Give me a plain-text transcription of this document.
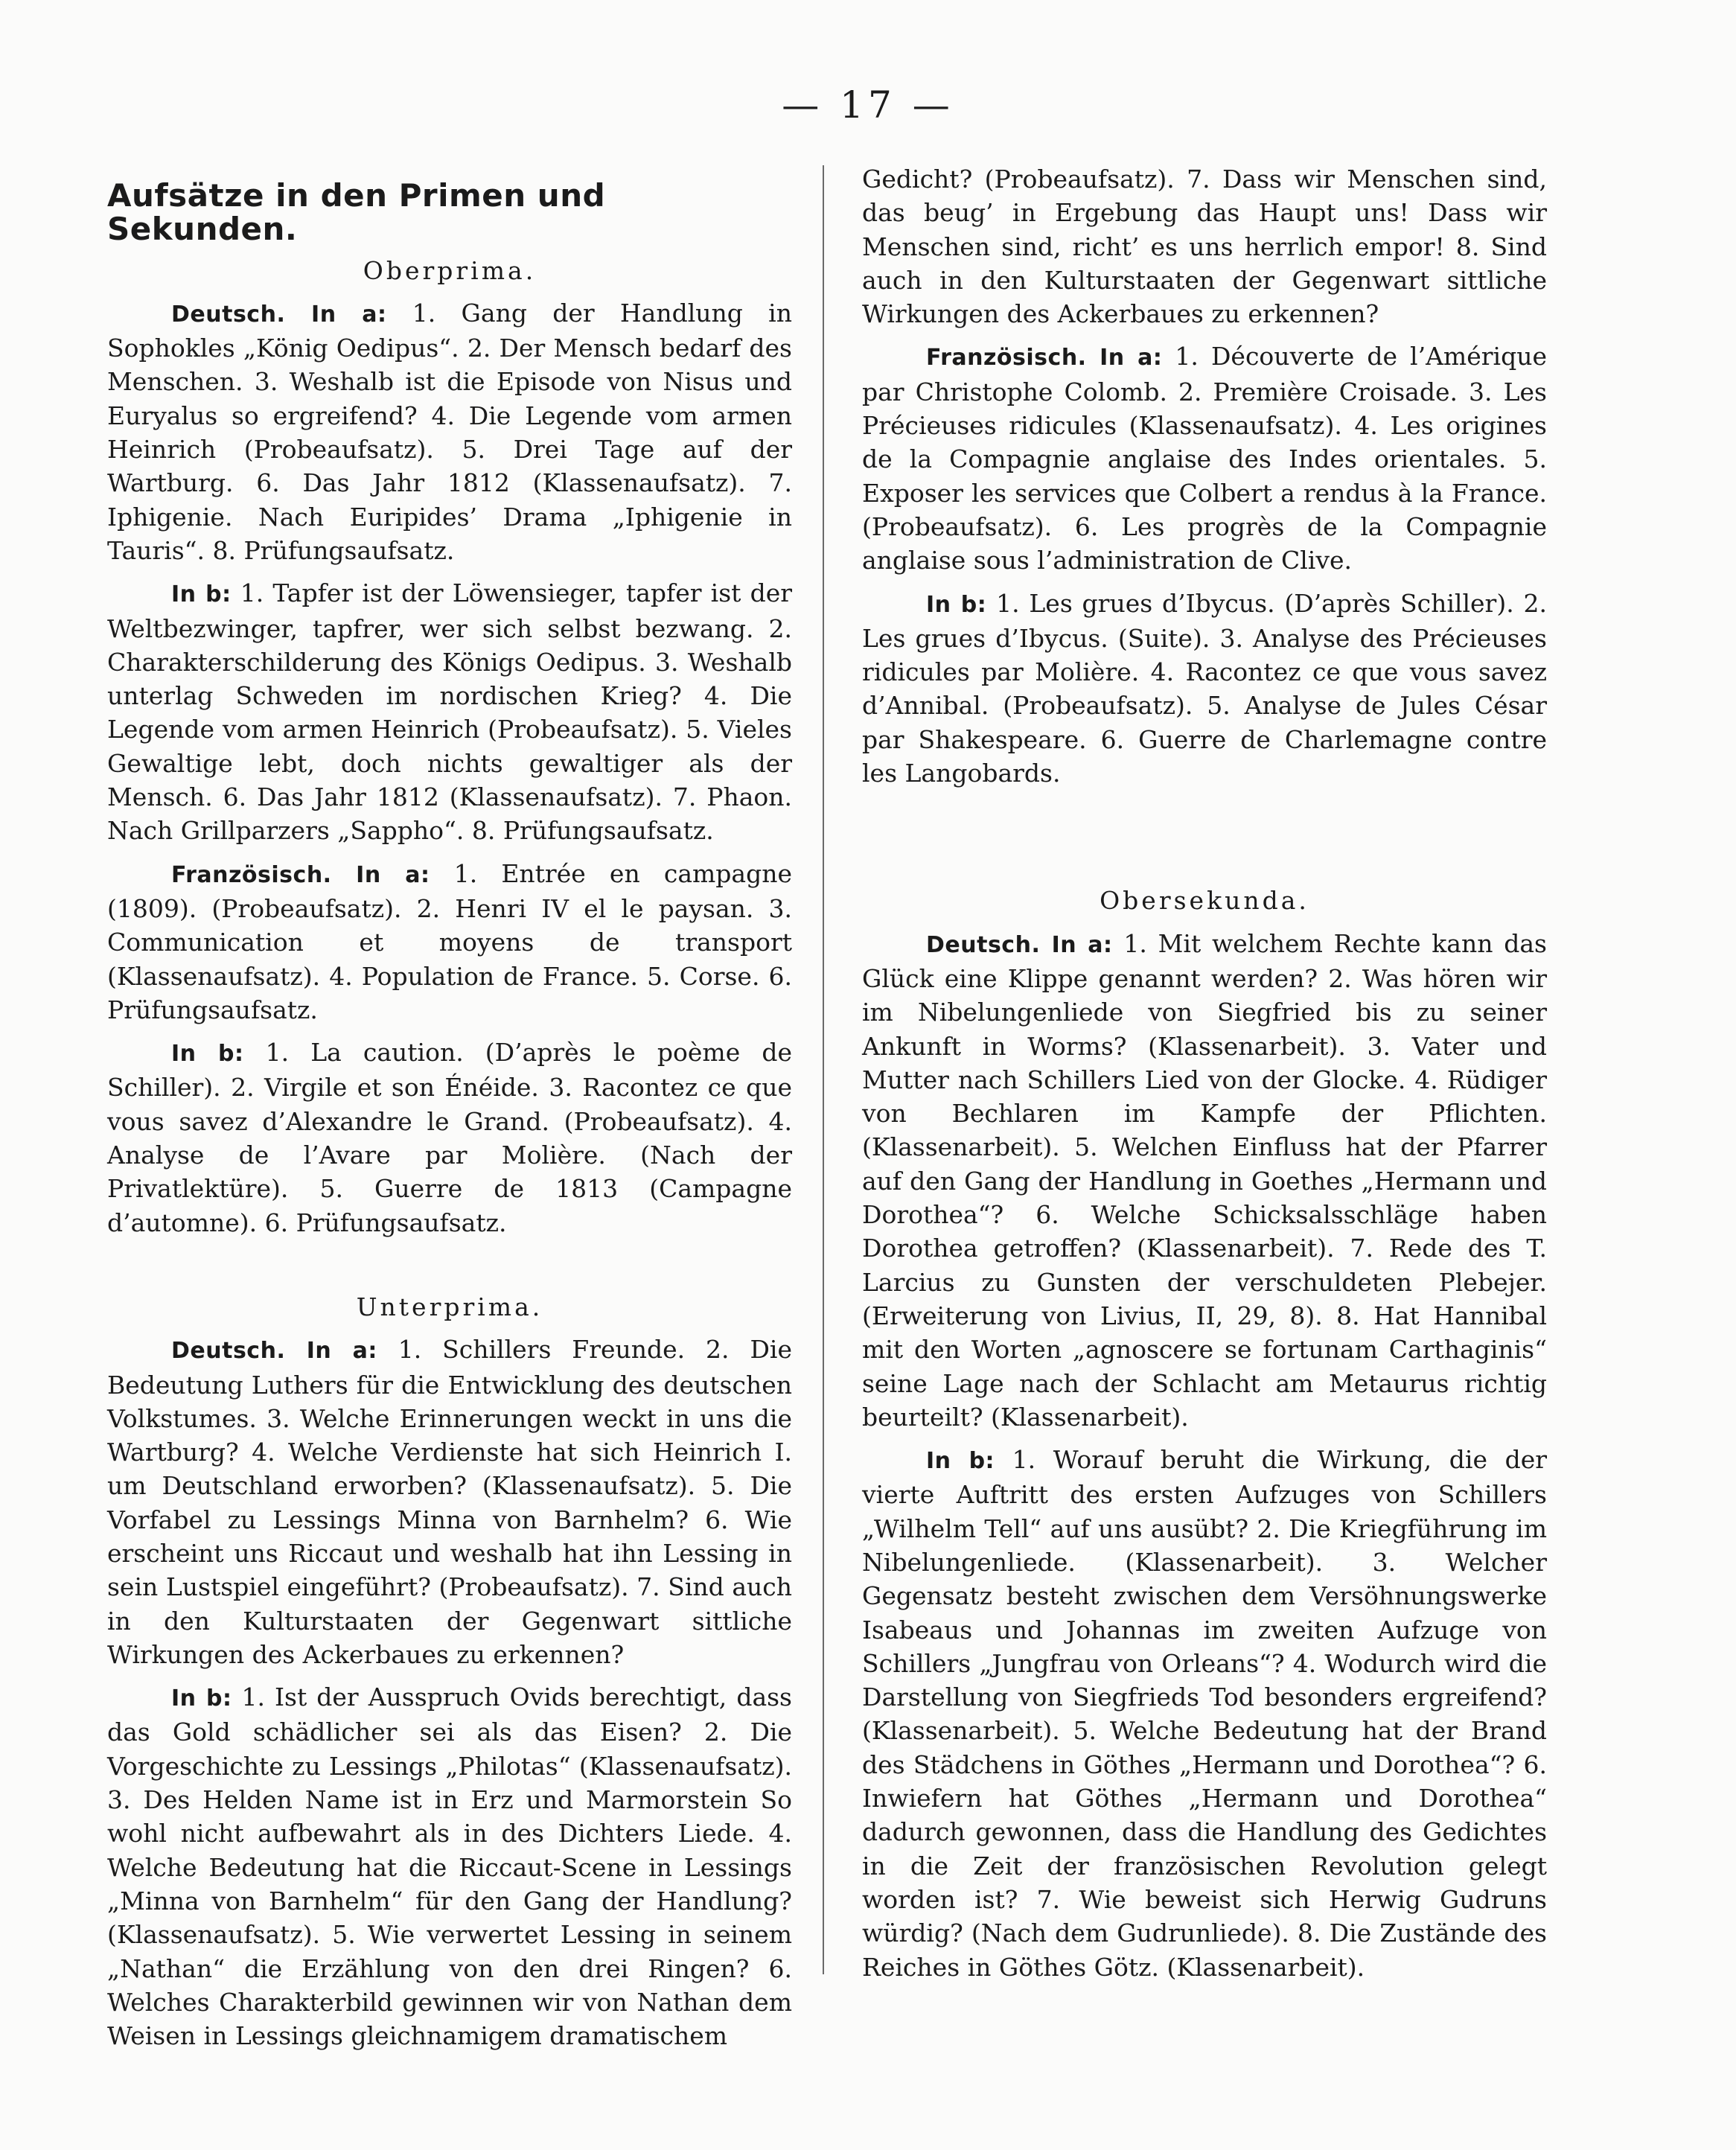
— 17 —
Aufsätze in den Primen und Sekunden.
Oberprima.

Deutsch. In a: 1. Gang der Handlung in Sophokles „König Oedipus“. 2. Der Mensch bedarf des Menschen. 3. Weshalb ist die Episode von Nisus und Euryalus so ergreifend? 4. Die Legende vom armen Heinrich (Probeaufsatz). 5. Drei Tage auf der Wartburg. 6. Das Jahr 1812 (Klassenaufsatz). 7. Iphigenie. Nach Euripides’ Drama „Iphigenie in Tauris“. 8. Prüfungsaufsatz.

In b: 1. Tapfer ist der Löwensieger, tapfer ist der Weltbezwinger, tapfrer, wer sich selbst bezwang. 2. Charakterschilderung des Königs Oedipus. 3. Weshalb unterlag Schweden im nordischen Krieg? 4. Die Legende vom armen Heinrich (Probeaufsatz). 5. Vieles Gewaltige lebt, doch nichts gewaltiger als der Mensch. 6. Das Jahr 1812 (Klassenaufsatz). 7. Phaon. Nach Grillparzers „Sappho“. 8. Prüfungsaufsatz.

Französisch. In a: 1. Entrée en campagne (1809). (Probeaufsatz). 2. Henri IV el le paysan. 3. Communication et moyens de transport (Klassenaufsatz). 4. Population de France. 5. Corse. 6. Prüfungsaufsatz.

In b: 1. La caution. (D’après le poème de Schiller). 2. Virgile et son Énéide. 3. Racontez ce que vous savez d’Alexandre le Grand. (Probeaufsatz). 4. Analyse de l’Avare par Molière. (Nach der Privatlektüre). 5. Guerre de 1813 (Campagne d’automne). 6. Prüfungsaufsatz.

Unterprima.

Deutsch. In a: 1. Schillers Freunde. 2. Die Bedeutung Luthers für die Entwicklung des deutschen Volkstumes. 3. Welche Erinnerungen weckt in uns die Wartburg? 4. Welche Verdienste hat sich Heinrich I. um Deutschland erworben? (Klassenaufsatz). 5. Die Vorfabel zu Lessings Minna von Barnhelm? 6. Wie erscheint uns Riccaut und weshalb hat ihn Lessing in sein Lustspiel eingeführt? (Probeaufsatz). 7. Sind auch in den Kulturstaaten der Gegenwart sittliche Wirkungen des Ackerbaues zu erkennen?

In b: 1. Ist der Ausspruch Ovids berechtigt, dass das Gold schädlicher sei als das Eisen? 2. Die Vorgeschichte zu Lessings „Philotas“ (Klassenaufsatz). 3. Des Helden Name ist in Erz und Marmorstein So wohl nicht aufbewahrt als in des Dichters Liede. 4. Welche Bedeutung hat die Riccaut-Scene in Lessings „Minna von Barnhelm“ für den Gang der Handlung? (Klassenaufsatz). 5. Wie verwertet Lessing in seinem „Nathan“ die Erzählung von den drei Ringen? 6. Welches Charakterbild gewinnen wir von Nathan dem Weisen in Lessings gleichnamigem dramatischem

Gedicht? (Probeaufsatz). 7. Dass wir Menschen sind, das beug’ in Ergebung das Haupt uns! Dass wir Menschen sind, richt’ es uns herrlich empor! 8. Sind auch in den Kulturstaaten der Gegenwart sittliche Wirkungen des Ackerbaues zu erkennen?

Französisch. In a: 1. Découverte de l’Amérique par Christophe Colomb. 2. Première Croisade. 3. Les Précieuses ridicules (Klassenaufsatz). 4. Les origines de la Compagnie anglaise des Indes orientales. 5. Exposer les services que Colbert a rendus à la France. (Probeaufsatz). 6. Les progrès de la Compagnie anglaise sous l’administration de Clive.

In b: 1. Les grues d’Ibycus. (D’après Schiller). 2. Les grues d’Ibycus. (Suite). 3. Analyse des Précieuses ridicules par Molière. 4. Racontez ce que vous savez d’Annibal. (Probeaufsatz). 5. Analyse de Jules César par Shakespeare. 6. Guerre de Charlemagne contre les Langobards.

Obersekunda.

Deutsch. In a: 1. Mit welchem Rechte kann das Glück eine Klippe genannt werden? 2. Was hören wir im Nibelungenliede von Siegfried bis zu seiner Ankunft in Worms? (Klassenarbeit). 3. Vater und Mutter nach Schillers Lied von der Glocke. 4. Rüdiger von Bechlaren im Kampfe der Pflichten. (Klassenarbeit). 5. Welchen Einfluss hat der Pfarrer auf den Gang der Handlung in Goethes „Hermann und Dorothea“? 6. Welche Schicksalsschläge haben Dorothea getroffen? (Klassenarbeit). 7. Rede des T. Larcius zu Gunsten der verschuldeten Plebejer. (Erweiterung von Livius, II, 29, 8). 8. Hat Hannibal mit den Worten „agnoscere se fortunam Carthaginis“ seine Lage nach der Schlacht am Metaurus richtig beurteilt? (Klassenarbeit).

In b: 1. Worauf beruht die Wirkung, die der vierte Auftritt des ersten Aufzuges von Schillers „Wilhelm Tell“ auf uns ausübt? 2. Die Kriegführung im Nibelungenliede. (Klassenarbeit). 3. Welcher Gegensatz besteht zwischen dem Versöhnungswerke Isabeaus und Johannas im zweiten Aufzuge von Schillers „Jungfrau von Orleans“? 4. Wodurch wird die Darstellung von Siegfrieds Tod besonders ergreifend? (Klassenarbeit). 5. Welche Bedeutung hat der Brand des Städchens in Göthes „Hermann und Dorothea“? 6. Inwiefern hat Göthes „Hermann und Dorothea“ dadurch gewonnen, dass die Handlung des Gedichtes in die Zeit der französischen Revolution gelegt worden ist? 7. Wie beweist sich Herwig Gudruns würdig? (Nach dem Gudrunliede). 8. Die Zustände des Reiches in Göthes Götz. (Klassenarbeit).
